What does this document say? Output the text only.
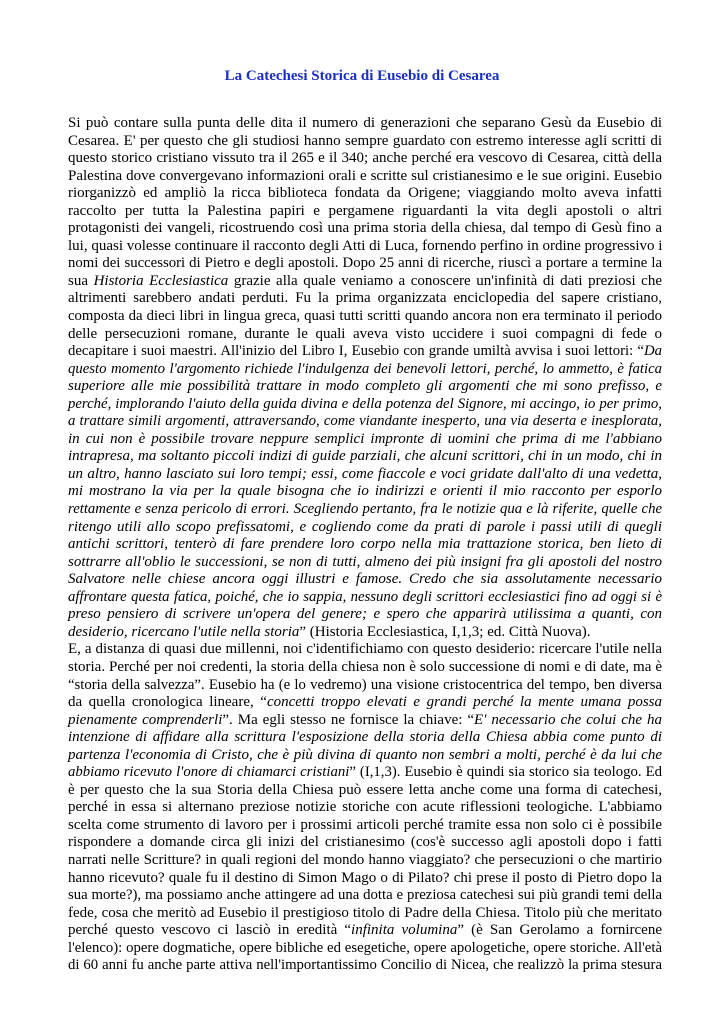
La Catechesi Storica di Eusebio di Cesarea
Si può contare sulla punta delle dita il numero di generazioni che separano Gesù da Eusebio di
Cesarea. E' per questo che gli studiosi hanno sempre guardato con estremo interesse agli scritti di
questo storico cristiano vissuto tra il 265 e il 340; anche perché era vescovo di Cesarea, città della
Palestina dove convergevano informazioni orali e scritte sul cristianesimo e le sue origini. Eusebio
riorganizzò ed ampliò la ricca biblioteca fondata da Origene; viaggiando molto aveva infatti
raccolto per tutta la Palestina papiri e pergamene riguardanti la vita degli apostoli o altri
protagonisti dei vangeli, ricostruendo così una prima storia della chiesa, dal tempo di Gesù fino a
lui, quasi volesse continuare il racconto degli Atti di Luca, fornendo perfino in ordine progressivo i
nomi dei successori di Pietro e degli apostoli. Dopo 25 anni di ricerche, riuscì a portare a termine la
sua Historia Ecclesiastica grazie alla quale veniamo a conoscere un'infinità di dati preziosi che
altrimenti sarebbero andati perduti. Fu la prima organizzata enciclopedia del sapere cristiano,
composta da dieci libri in lingua greca, quasi tutti scritti quando ancora non era terminato il periodo
delle persecuzioni romane, durante le quali aveva visto uccidere i suoi compagni di fede o
decapitare i suoi maestri. All'inizio del Libro I, Eusebio con grande umiltà avvisa i suoi lettori: “Da
questo momento l'argomento richiede l'indulgenza dei benevoli lettori, perché, lo ammetto, è fatica
superiore alle mie possibilità trattare in modo completo gli argomenti che mi sono prefisso, e
perché, implorando l'aiuto della guida divina e della potenza del Signore, mi accingo, io per primo,
a trattare simili argomenti, attraversando, come viandante inesperto, una via deserta e inesplorata,
in cui non è possibile trovare neppure semplici impronte di uomini che prima di me l'abbiano
intrapresa, ma soltanto piccoli indizi di guide parziali, che alcuni scrittori, chi in un modo, chi in
un altro, hanno lasciato sui loro tempi; essi, come fiaccole e voci gridate dall'alto di una vedetta,
mi mostrano la via per la quale bisogna che io indirizzi e orienti il mio racconto per esporlo
rettamente e senza pericolo di errori. Scegliendo pertanto, fra le notizie qua e là riferite, quelle che
ritengo utili allo scopo prefissatomi, e cogliendo come da prati di parole i passi utili di quegli
antichi scrittori, tenterò di fare prendere loro corpo nella mia trattazione storica, ben lieto di
sottrarre all'oblio le successioni, se non di tutti, almeno dei più insigni fra gli apostoli del nostro
Salvatore nelle chiese ancora oggi illustri e famose. Credo che sia assolutamente necessario
affrontare questa fatica, poiché, che io sappia, nessuno degli scrittori ecclesiastici fino ad oggi si è
preso pensiero di scrivere un'opera del genere; e spero che apparirà utilissima a quanti, con
desiderio, ricercano l'utile nella storia” (Historia Ecclesiastica, I,1,3; ed. Città Nuova).
E, a distanza di quasi due millenni, noi c'identifichiamo con questo desiderio: ricercare l'utile nella
storia. Perché per noi credenti, la storia della chiesa non è solo successione di nomi e di date, ma è
“storia della salvezza”. Eusebio ha (e lo vedremo) una visione cristocentrica del tempo, ben diversa
da quella cronologica lineare, “concetti troppo elevati e grandi perché la mente umana possa
pienamente comprenderli”. Ma egli stesso ne fornisce la chiave: “E' necessario che colui che ha
intenzione di affidare alla scrittura l'esposizione della storia della Chiesa abbia come punto di
partenza l'economia di Cristo, che è più divina di quanto non sembri a molti, perché è da lui che
abbiamo ricevuto l'onore di chiamarci cristiani” (I,1,3). Eusebio è quindi sia storico sia teologo. Ed
è per questo che la sua Storia della Chiesa può essere letta anche come una forma di catechesi,
perché in essa si alternano preziose notizie storiche con acute riflessioni teologiche. L'abbiamo
scelta come strumento di lavoro per i prossimi articoli perché tramite essa non solo ci è possibile
rispondere a domande circa gli inizi del cristianesimo (cos'è successo agli apostoli dopo i fatti
narrati nelle Scritture? in quali regioni del mondo hanno viaggiato? che persecuzioni o che martirio
hanno ricevuto? quale fu il destino di Simon Mago o di Pilato? chi prese il posto di Pietro dopo la
sua morte?), ma possiamo anche attingere ad una dotta e preziosa catechesi sui più grandi temi della
fede, cosa che meritò ad Eusebio il prestigioso titolo di Padre della Chiesa. Titolo più che meritato
perché questo vescovo ci lasciò in eredità “infinita volumina” (è San Gerolamo a fornircene
l'elenco): opere dogmatiche, opere bibliche ed esegetiche, opere apologetiche, opere storiche. All'età
di 60 anni fu anche parte attiva nell'importantissimo Concilio di Nicea, che realizzò la prima stesura
